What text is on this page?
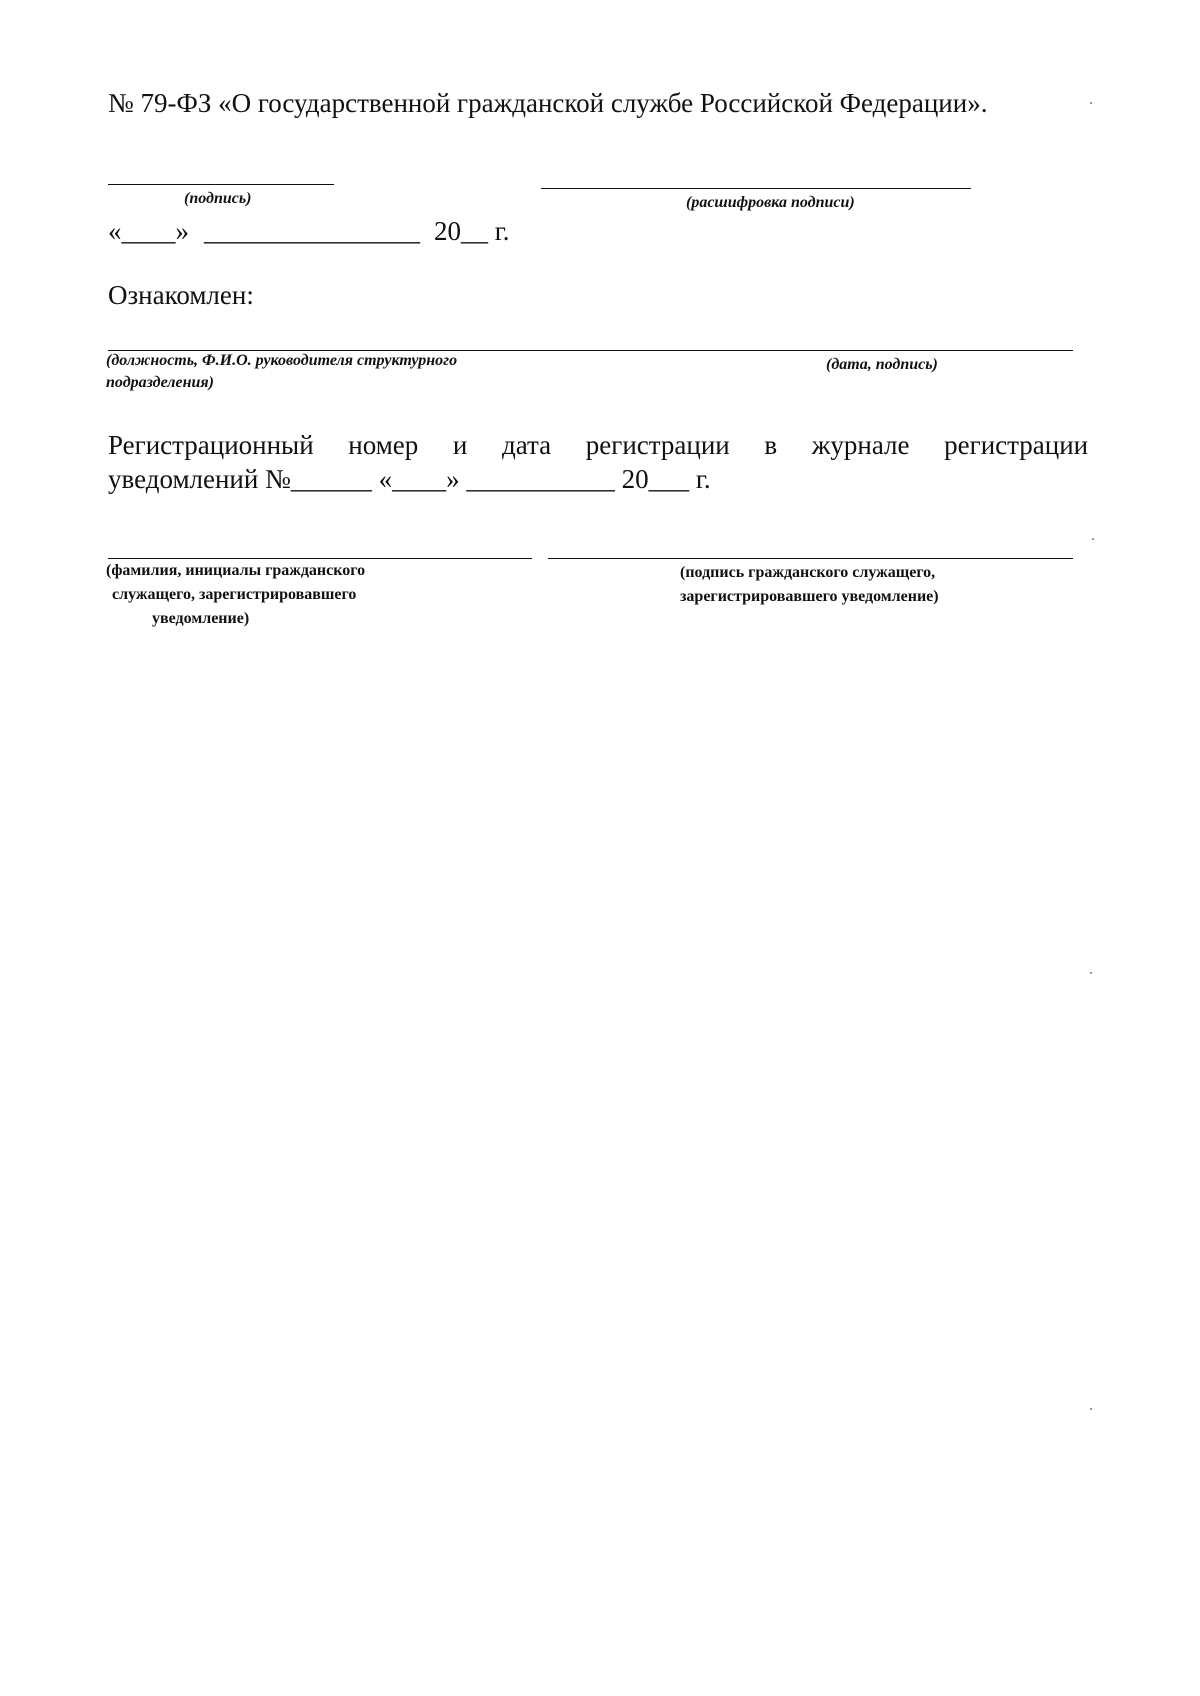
№ 79-ФЗ «О государственной гражданской службе Российской Федерации».
(подпись)	(расшифровка подписи)
«____» ________________ 20__ г.
Ознакомлен:
(должность, Ф.И.О. руководителя структурного
подразделения)
(дата, подпись)
Регистрационный номер и дата регистрации в журнале регистрации
уведомлений №______ «____» ___________ 20___ г.
(фамилия, инициалы гражданского
служащего, зарегистрировавшего
уведомление)
(подпись гражданского служащего,
зарегистрировавшего уведомление)
